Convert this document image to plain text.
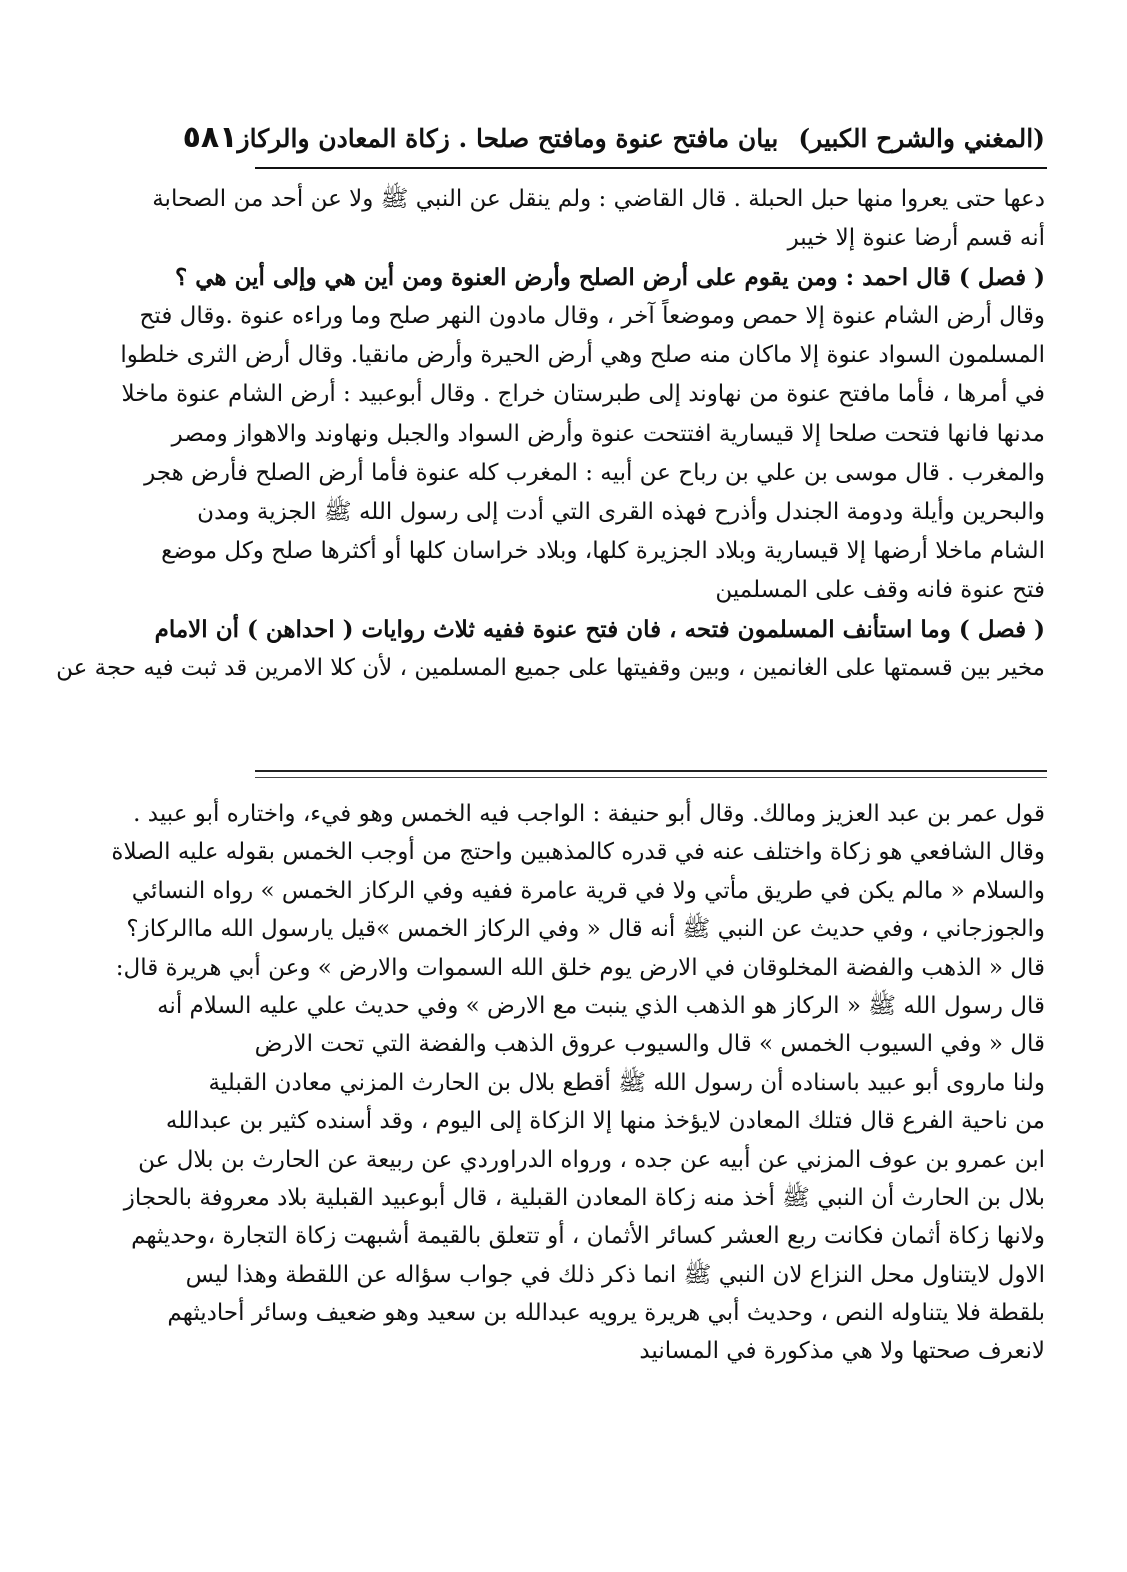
(المغني والشرح الكبير)
بيان مافتح عنوة ومافتح صلحا . زكاة المعادن والركاز
٥٨١
دعها حتى يعروا منها حبل الحبلة . قال القاضي : ولم ينقل عن النبي ﷺ ولا عن أحد من الصحابة
أنه قسم أرضا عنوة إلا خيبر
( فصل ) قال احمد : ومن يقوم على أرض الصلح وأرض العنوة ومن أين هي وإلى أين هي ؟
وقال أرض الشام عنوة إلا حمص وموضعاً آخر ، وقال مادون النهر صلح وما وراءه عنوة .وقال فتح
المسلمون السواد عنوة إلا ماكان منه صلح وهي أرض الحيرة وأرض مانقيا. وقال أرض الثرى خلطوا
في أمرها ، فأما مافتح عنوة من نهاوند إلى طبرستان خراج . وقال أبوعبيد : أرض الشام عنوة ماخلا
مدنها فانها فتحت صلحا إلا قيسارية افتتحت عنوة وأرض السواد والجبل ونهاوند والاهواز ومصر
والمغرب . قال موسى بن علي بن رباح عن أبيه : المغرب كله عنوة فأما أرض الصلح فأرض هجر
والبحرين وأيلة ودومة الجندل وأذرح فهذه القرى التي أدت إلى رسول الله ﷺ الجزية ومدن
الشام ماخلا أرضها إلا قيسارية وبلاد الجزيرة كلها، وبلاد خراسان كلها أو أكثرها صلح وكل موضع
فتح عنوة فانه وقف على المسلمين
( فصل ) وما استأنف المسلمون فتحه ، فان فتح عنوة ففيه ثلاث روايات ( احداهن ) أن الامام
مخير بين قسمتها على الغانمين ، وبين وقفيتها على جميع المسلمين ، لأن كلا الامرين قد ثبت فيه حجة عن
قول عمر بن عبد العزيز ومالك. وقال أبو حنيفة : الواجب فيه الخمس وهو فيء، واختاره أبو عبيد .
وقال الشافعي هو زكاة واختلف عنه في قدره كالمذهبين واحتج من أوجب الخمس بقوله عليه الصلاة
والسلام « مالم يكن في طريق مأتي ولا في قرية عامرة ففيه وفي الركاز الخمس » رواه النسائي
والجوزجاني ، وفي حديث عن النبي ﷺ أنه قال « وفي الركاز الخمس »قيل يارسول الله ماالركاز؟
قال « الذهب والفضة المخلوقان في الارض يوم خلق الله السموات والارض » وعن أبي هريرة قال:
قال رسول الله ﷺ « الركاز هو الذهب الذي ينبت مع الارض » وفي حديث علي عليه السلام أنه
قال « وفي السيوب الخمس » قال والسيوب عروق الذهب والفضة التي تحت الارض
ولنا ماروى أبو عبيد باسناده أن رسول الله ﷺ أقطع بلال بن الحارث المزني معادن القبلية
من ناحية الفرع قال فتلك المعادن لايؤخذ منها إلا الزكاة إلى اليوم ، وقد أسنده كثير بن عبدالله
ابن عمرو بن عوف المزني عن أبيه عن جده ، ورواه الدراوردي عن ربيعة عن الحارث بن بلال عن
بلال بن الحارث أن النبي ﷺ أخذ منه زكاة المعادن القبلية ، قال أبوعبيد القبلية بلاد معروفة بالحجاز
ولانها زكاة أثمان فكانت ربع العشر كسائر الأثمان ، أو تتعلق بالقيمة أشبهت زكاة التجارة ،وحديثهم
الاول لايتناول محل النزاع لان النبي ﷺ انما ذكر ذلك في جواب سؤاله عن اللقطة وهذا ليس
بلقطة فلا يتناوله النص ، وحديث أبي هريرة يرويه عبدالله بن سعيد وهو ضعيف وسائر أحاديثهم
لانعرف صحتها ولا هي مذكورة في المسانيد
